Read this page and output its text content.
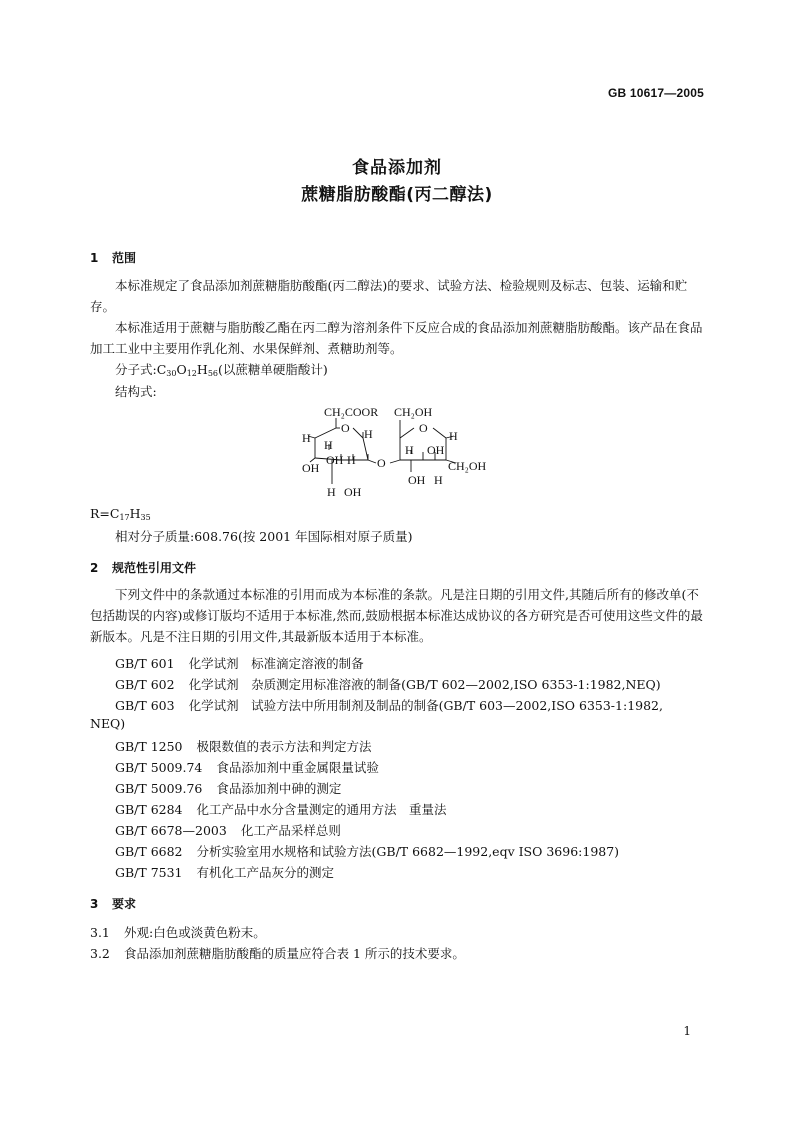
GB 10617—2005
食品添加剂
蔗糖脂肪酸酯(丙二醇法)
1 范围
本标准规定了食品添加剂蔗糖脂肪酸酯(丙二醇法)的要求、试验方法、检验规则及标志、包装、运输和贮存。
本标准适用于蔗糖与脂肪酸乙酯在丙二醇为溶剂条件下反应合成的食品添加剂蔗糖脂肪酸酯。该产品在食品加工工业中主要用作乳化剂、水果保鲜剂、煮糖助剂等。
分子式$:C_{30}O_{12}H_{56}$(以蔗糖单硬脂酸计)
结构式:
CH₂COOR CH₂OH
O	O
H H
H
OH
OH H
H OH
O
H OH
H
OH H
CH₂OH
$R=C_{17}H_{35}$
相对分子质量:608.76(按 2001 年国际相对原子质量)
2 规范性引用文件
下列文件中的条款通过本标准的引用而成为本标准的条款。凡是注日期的引用文件,其随后所有的修改单(不包括勘误的内容)或修订版均不适用于本标准,然而,鼓励根据本标准达成协议的各方研究是否可使用这些文件的最新版本。凡是不注日期的引用文件,其最新版本适用于本标准。
GB/T 601 化学试剂　标准滴定溶液的制备
GB/T 602 化学试剂　杂质测定用标准溶液的制备(GB/T 602—2002,ISO 6353-1:1982,NEQ)
GB/T 603 化学试剂　试验方法中所用制剂及制品的制备(GB/T 603—2002,ISO 6353-1:1982,
NEQ)
GB/T 1250 极限数值的表示方法和判定方法
GB/T 5009.74 食品添加剂中重金属限量试验
GB/T 5009.76 食品添加剂中砷的测定
GB/T 6284 化工产品中水分含量测定的通用方法　重量法
GB/T 6678—2003 化工产品采样总则
GB/T 6682 分析实验室用水规格和试验方法(GB/T 6682—1992,eqv ISO 3696:1987)
GB/T 7531 有机化工产品灰分的测定
3 要求
3.1 外观:白色或淡黄色粉末。
3.2 食品添加剂蔗糖脂肪酸酯的质量应符合表 1 所示的技术要求。
1
